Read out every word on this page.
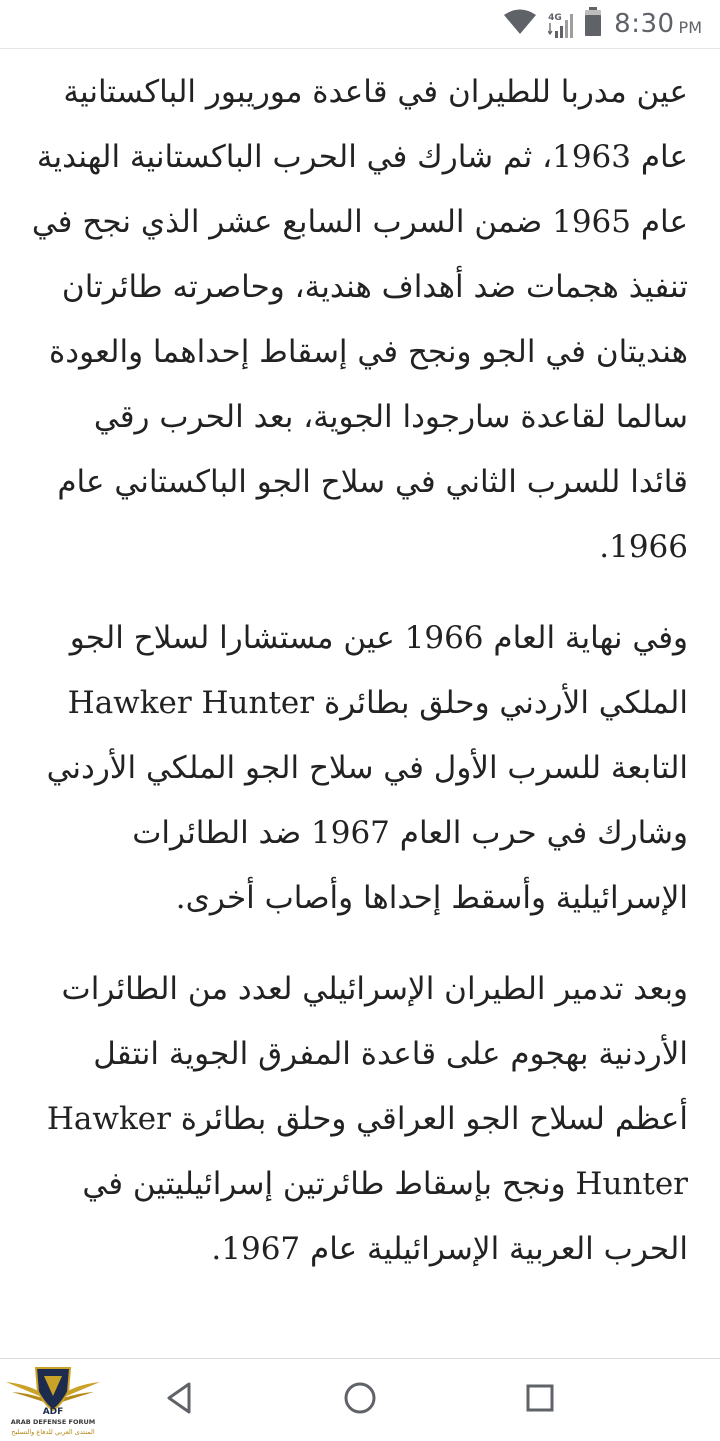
4G 8:30 PM

عين مدربا للطيران في قاعدة موريبور الباكستانية عام 1963، ثم شارك في الحرب الباكستانية الهندية عام 1965 ضمن السرب السابع عشر الذي نجح في تنفيذ هجمات ضد أهداف هندية، وحاصرته طائرتان هنديتان في الجو ونجح في إسقاط إحداهما والعودة سالما لقاعدة سارجودا الجوية، بعد الحرب رقي قائدا للسرب الثاني في سلاح الجو الباكستاني عام 1966.

وفي نهاية العام 1966 عين مستشارا لسلاح الجو الملكي الأردني وحلق بطائرة Hawker Hunter التابعة للسرب الأول في سلاح الجو الملكي الأردني وشارك في حرب العام 1967 ضد الطائرات الإسرائيلية وأسقط إحداها وأصاب أخرى.

وبعد تدمير الطيران الإسرائيلي لعدد من الطائرات الأردنية بهجوم على قاعدة المفرق الجوية انتقل أعظم لسلاح الجو العراقي وحلق بطائرة Hawker Hunter ونجح بإسقاط طائرتين إسرائيليتين في الحرب العربية الإسرائيلية عام 1967.

ADF
ARAB DEFENSE FORUM
المنتدى العربي للدفاع والتسليح
